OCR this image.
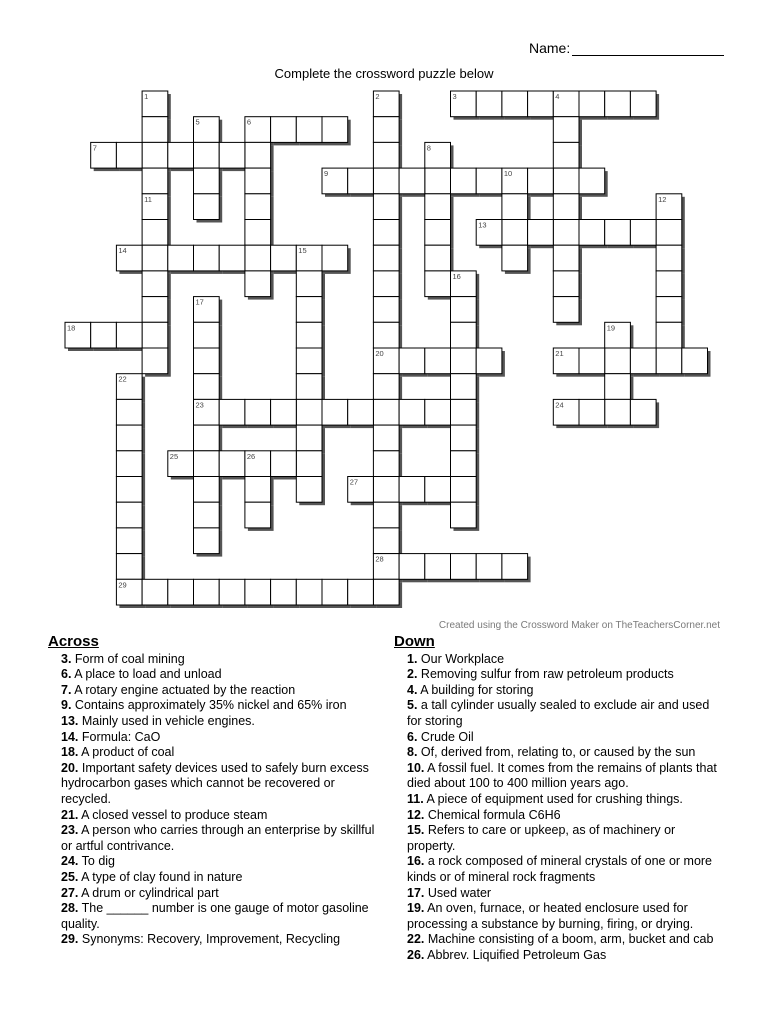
Name:
Complete the crossword puzzle below
1
11
2
20
28
3	4
5	6
7	8
9	10
12
13
14	15
16
17
23
18	19
21
22
29
24
25	26
27
Created using the Crossword Maker on TheTeachersCorner.net
Across
3. Form of coal mining
6. A place to load and unload
7. A rotary engine actuated by the reaction
9. Contains approximately 35% nickel and 65% iron
13. Mainly used in vehicle engines.
14. Formula: CaO
18. A product of coal
20. Important safety devices used to safely burn excess hydrocarbon gases which cannot be recovered or recycled.
21. A closed vessel to produce steam
23. A person who carries through an enterprise by skillful or artful contrivance.
24. To dig
25. A type of clay found in nature
27. A drum or cylindrical part
28. The ______ number is one gauge of motor gasoline quality.
29. Synonyms: Recovery, Improvement, Recycling
Down
1. Our Workplace
2. Removing sulfur from raw petroleum products
4. A building for storing
5. a tall cylinder usually sealed to exclude air and used for storing
6. Crude Oil
8. Of, derived from, relating to, or caused by the sun
10. A fossil fuel. It comes from the remains of plants that died about 100 to 400 million years ago.
11. A piece of equipment used for crushing things.
12. Chemical formula C6H6
15. Refers to care or upkeep, as of machinery or property.
16. a rock composed of mineral crystals of one or more kinds or of mineral rock fragments
17. Used water
19. An oven, furnace, or heated enclosure used for processing a substance by burning, firing, or drying.
22. Machine consisting of a boom, arm, bucket and cab
26. Abbrev. Liquified Petroleum Gas
